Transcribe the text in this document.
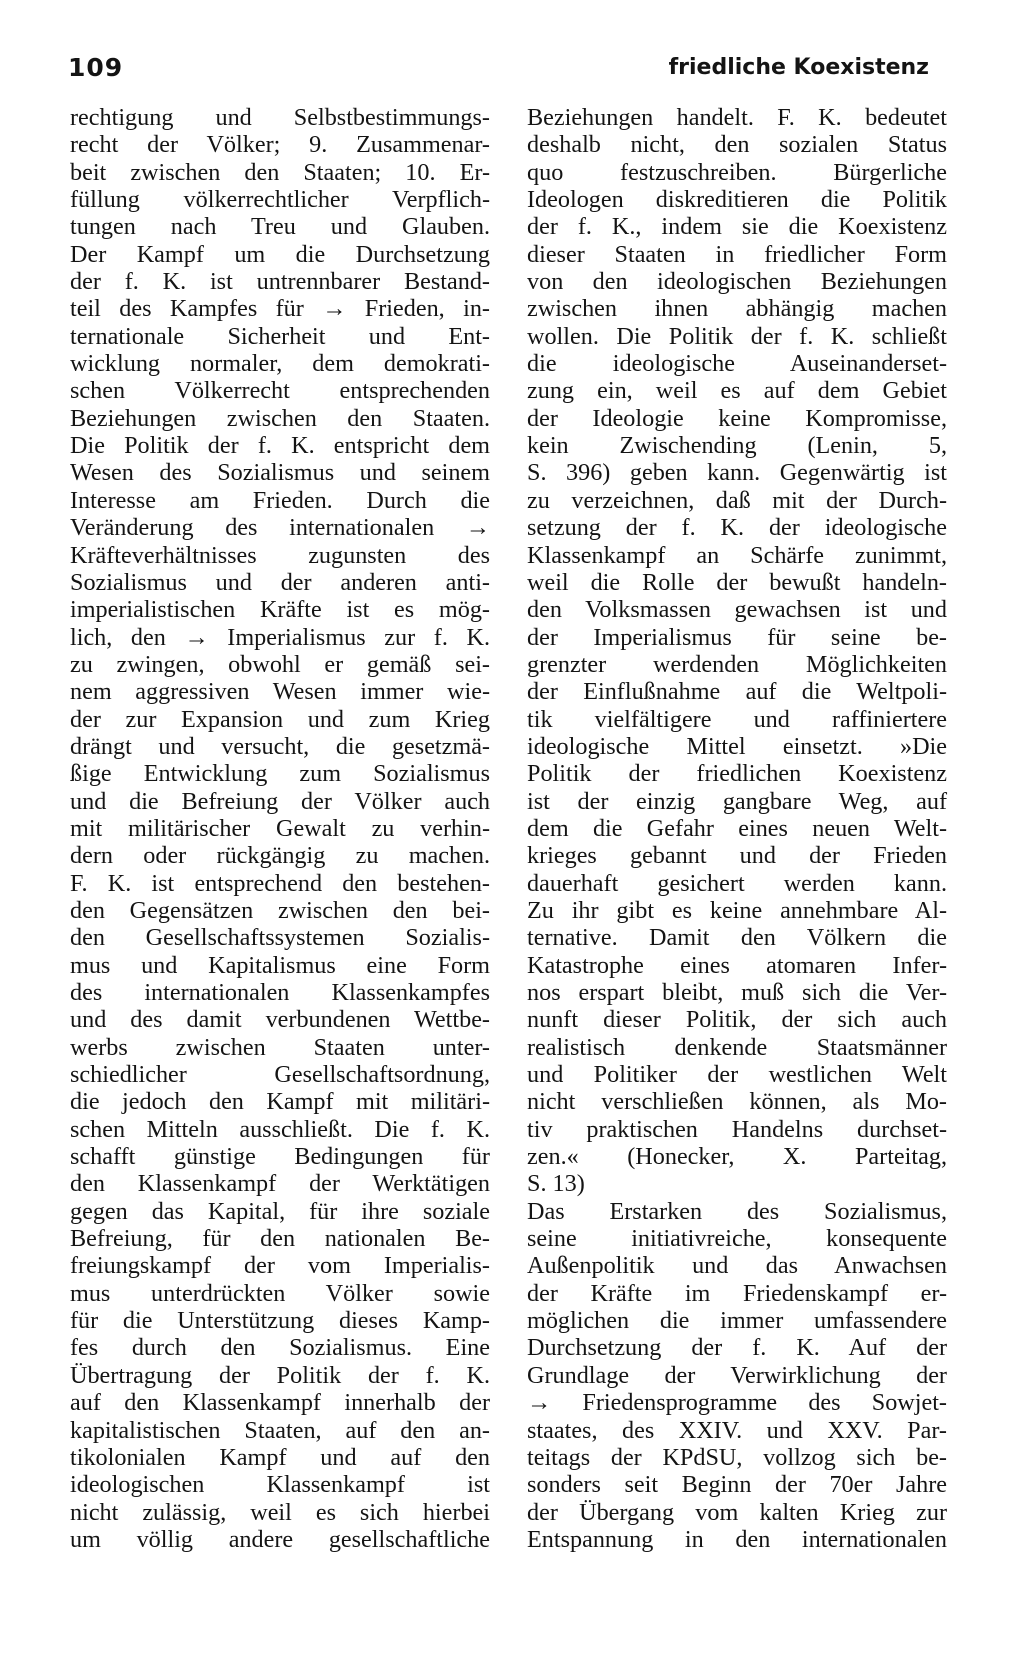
109	friedliche Koexistenz
rechtigung und Selbstbestimmungs-
recht der Völker; 9. Zusammenar-
beit zwischen den Staaten; 10. Er-
füllung völkerrechtlicher Verpflich-
tungen nach Treu und Glauben.
Der Kampf um die Durchsetzung
der f. K. ist untrennbarer Bestand-
teil des Kampfes für → Frieden, in-
ternationale Sicherheit und Ent-
wicklung normaler, dem demokrati-
schen Völkerrecht entsprechenden
Beziehungen zwischen den Staaten.
Die Politik der f. K. entspricht dem
Wesen des Sozialismus und seinem
Interesse am Frieden. Durch die
Veränderung des internationalen →
Kräfteverhältnisses zugunsten des
Sozialismus und der anderen anti-
imperialistischen Kräfte ist es mög-
lich, den → Imperialismus zur f. K.
zu zwingen, obwohl er gemäß sei-
nem aggressiven Wesen immer wie-
der zur Expansion und zum Krieg
drängt und versucht, die gesetzmä-
ßige Entwicklung zum Sozialismus
und die Befreiung der Völker auch
mit militärischer Gewalt zu verhin-
dern oder rückgängig zu machen.
F. K. ist entsprechend den bestehen-
den Gegensätzen zwischen den bei-
den Gesellschaftssystemen Sozialis-
mus und Kapitalismus eine Form
des internationalen Klassenkampfes
und des damit verbundenen Wettbe-
werbs zwischen Staaten unter-
schiedlicher Gesellschaftsordnung,
die jedoch den Kampf mit militäri-
schen Mitteln ausschließt. Die f. K.
schafft günstige Bedingungen für
den Klassenkampf der Werktätigen
gegen das Kapital, für ihre soziale
Befreiung, für den nationalen Be-
freiungskampf der vom Imperialis-
mus unterdrückten Völker sowie
für die Unterstützung dieses Kamp-
fes durch den Sozialismus. Eine
Übertragung der Politik der f. K.
auf den Klassenkampf innerhalb der
kapitalistischen Staaten, auf den an-
tikolonialen Kampf und auf den
ideologischen Klassenkampf ist
nicht zulässig, weil es sich hierbei
um völlig andere gesellschaftliche
Beziehungen handelt. F. K. bedeutet
deshalb nicht, den sozialen Status
quo festzuschreiben. Bürgerliche
Ideologen diskreditieren die Politik
der f. K., indem sie die Koexistenz
dieser Staaten in friedlicher Form
von den ideologischen Beziehungen
zwischen ihnen abhängig machen
wollen. Die Politik der f. K. schließt
die ideologische Auseinanderset-
zung ein, weil es auf dem Gebiet
der Ideologie keine Kompromisse,
kein Zwischending (Lenin, 5,
S. 396) geben kann. Gegenwärtig ist
zu verzeichnen, daß mit der Durch-
setzung der f. K. der ideologische
Klassenkampf an Schärfe zunimmt,
weil die Rolle der bewußt handeln-
den Volksmassen gewachsen ist und
der Imperialismus für seine be-
grenzter werdenden Möglichkeiten
der Einflußnahme auf die Weltpoli-
tik vielfältigere und raffiniertere
ideologische Mittel einsetzt. »Die
Politik der friedlichen Koexistenz
ist der einzig gangbare Weg, auf
dem die Gefahr eines neuen Welt-
krieges gebannt und der Frieden
dauerhaft gesichert werden kann.
Zu ihr gibt es keine annehmbare Al-
ternative. Damit den Völkern die
Katastrophe eines atomaren Infer-
nos erspart bleibt, muß sich die Ver-
nunft dieser Politik, der sich auch
realistisch denkende Staatsmänner
und Politiker der westlichen Welt
nicht verschließen können, als Mo-
tiv praktischen Handelns durchset-
zen.« (Honecker, X. Parteitag,
S. 13)
Das Erstarken des Sozialismus,
seine initiativreiche, konsequente
Außenpolitik und das Anwachsen
der Kräfte im Friedenskampf er-
möglichen die immer umfassendere
Durchsetzung der f. K. Auf der
Grundlage der Verwirklichung der
→ Friedensprogramme des Sowjet-
staates, des XXIV. und XXV. Par-
teitags der KPdSU, vollzog sich be-
sonders seit Beginn der 70er Jahre
der Übergang vom kalten Krieg zur
Entspannung in den internationalen
